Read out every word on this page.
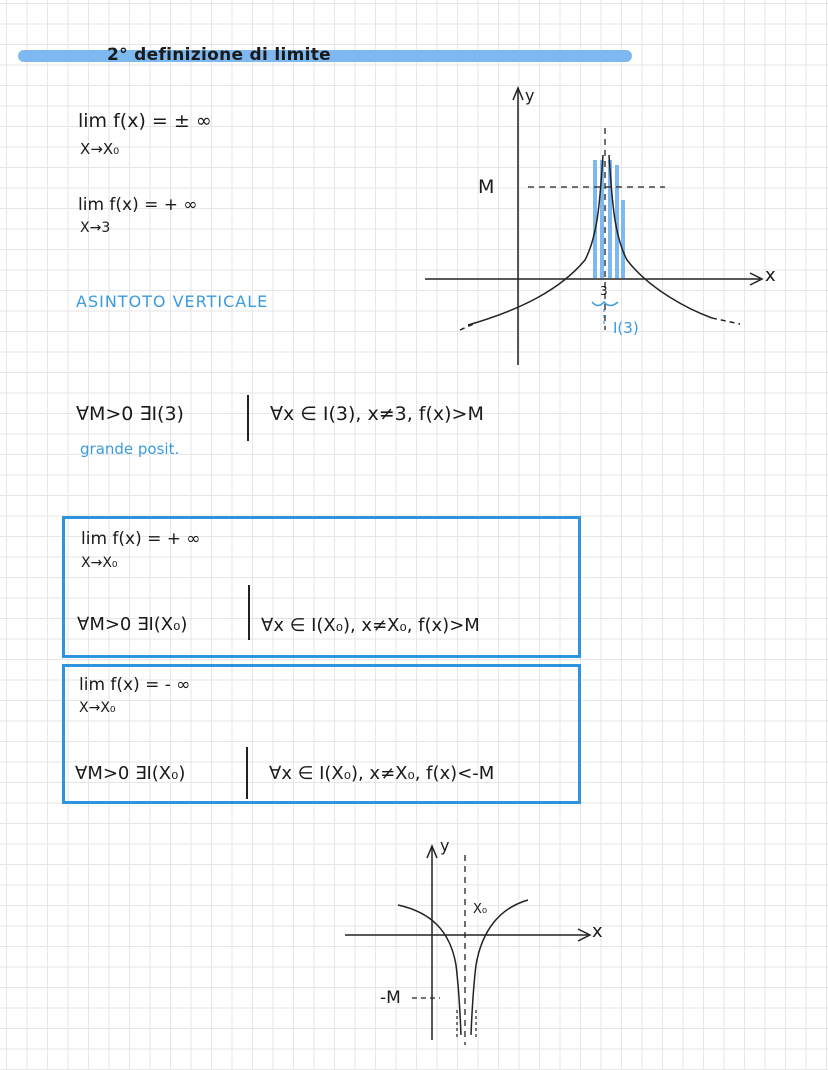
2° definizione di limite
lim f(x) = ± ∞
X→X₀
lim f(x) = + ∞
X→3
ASINTOTO VERTICALE
y
x
M
3
I(3)
∀M>0 ∃I(3)	∀x ∈ I(3), x≠3, f(x)>M
grande posit.
lim f(x) = + ∞
X→X₀
∀M>0 ∃I(X₀)	∀x ∈ I(X₀), x≠X₀, f(x)>M
lim f(x) = - ∞
X→X₀
∀M>0 ∃I(X₀)	∀x ∈ I(X₀), x≠X₀, f(x)<-M
y
x
X₀
-M
